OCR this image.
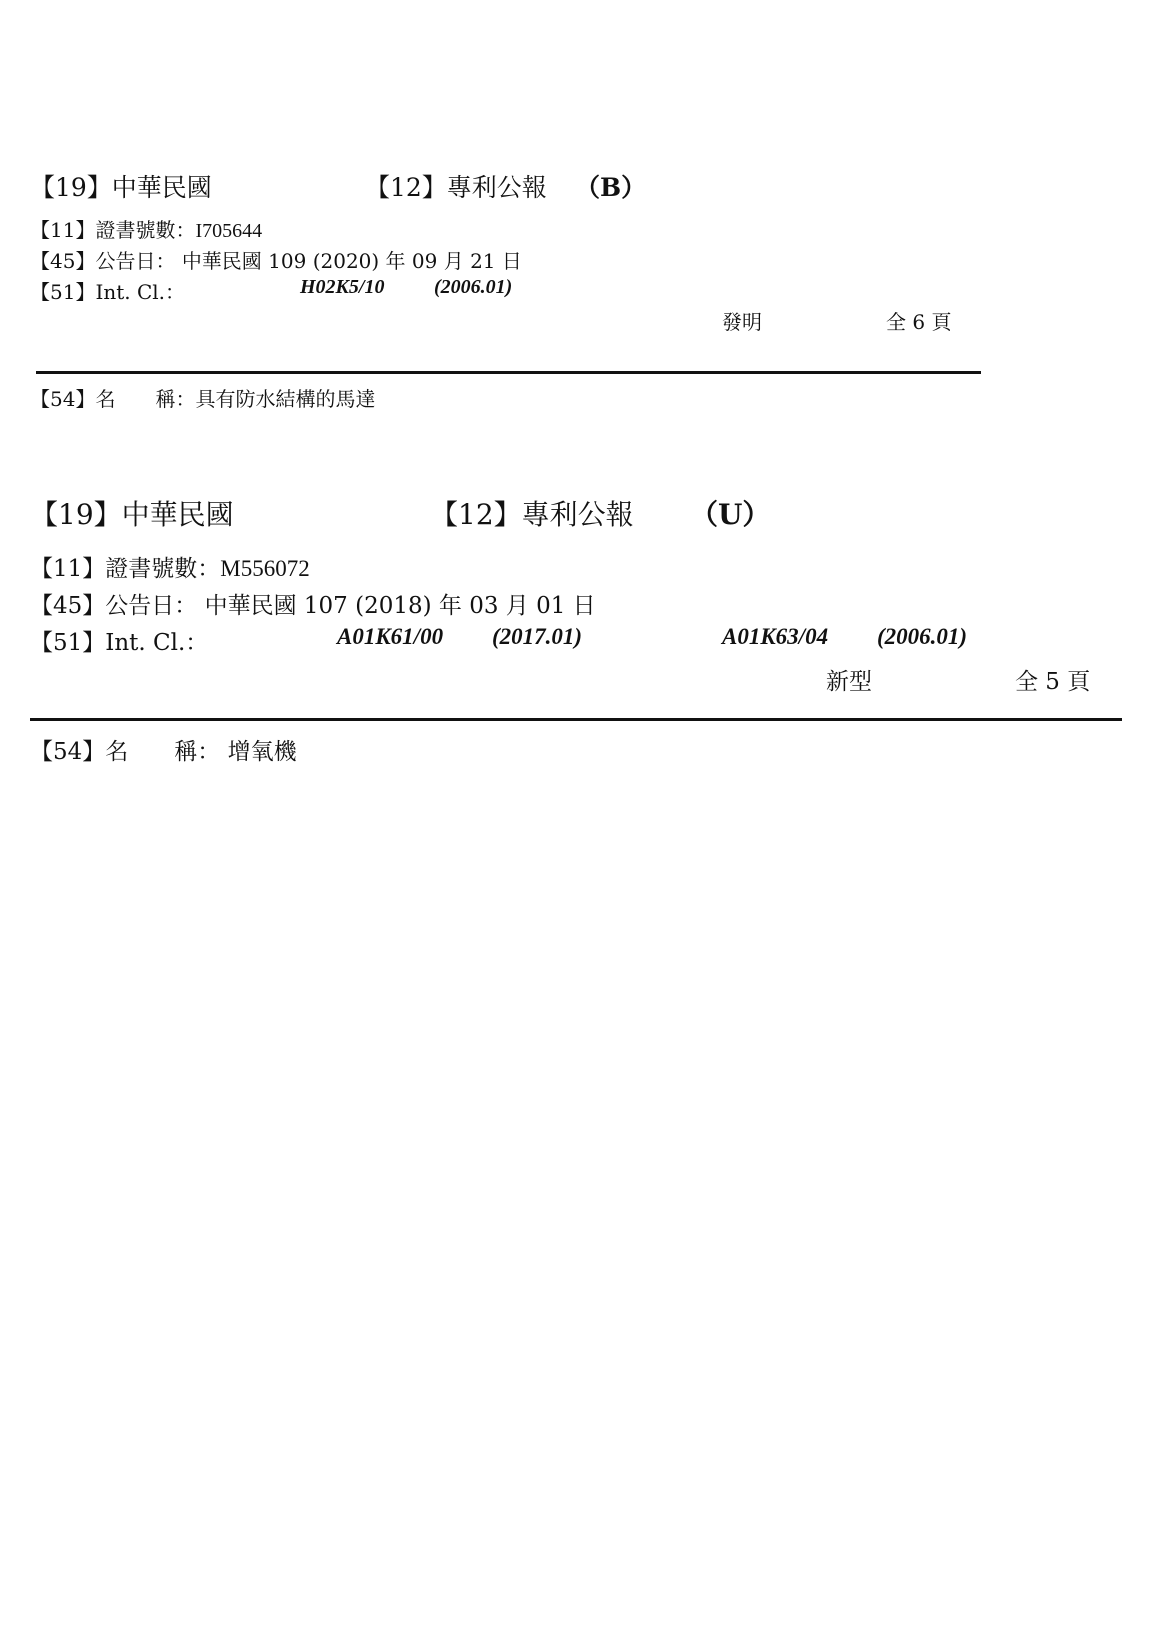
【19】中華民國	【12】專利公報 （B）
【11】證書號數：I705644
【45】公告日： 中華民國 109 (2020) 年 09 月 21 日
【51】Int. Cl.：	H02K5/10 (2006.01)
發明	全 6 頁
【54】名　　稱：具有防水結構的馬達
【19】中華民國	【12】專利公報 （U）
【11】證書號數：M556072
【45】公告日： 中華民國 107 (2018) 年 03 月 01 日
【51】Int. Cl.：	A01K61/00 (2017.01)	A01K63/04 (2006.01)
新型	全 5 頁
【54】名　　稱： 增氧機
